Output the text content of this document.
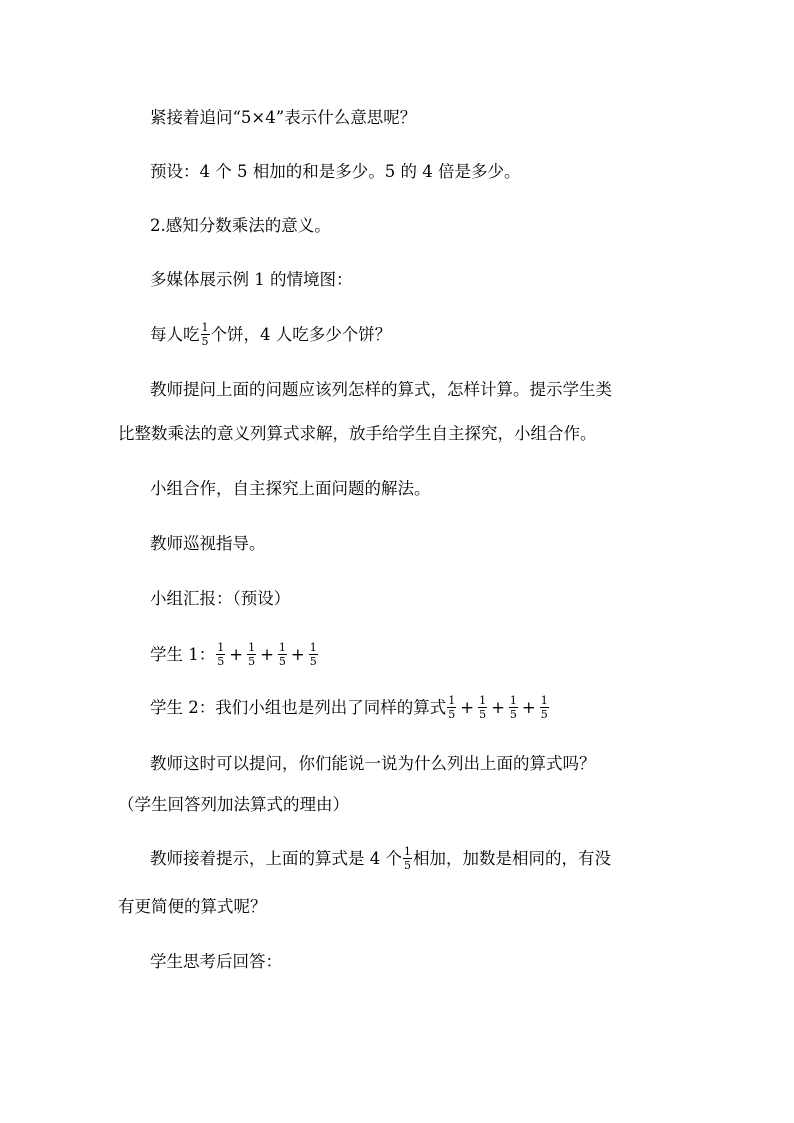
紧接着追问“5×4”表示什么意思呢？
预设：4 个 5 相加的和是多少。5 的 4 倍是多少。
2.感知分数乘法的意义。
多媒体展示例 1 的情境图：
每人吃 $\frac{1}{5}$ 个饼，4 人吃多少个饼？
教师提问上面的问题应该列怎样的算式，怎样计算。提示学生类
比整数乘法的意义列算式求解，放手给学生自主探究，小组合作。
小组合作，自主探究上面问题的解法。
教师巡视指导。
小组汇报：（预设）
学生 1： $\frac{1}{5} + \frac{1}{5} + \frac{1}{5} + \frac{1}{5}$
学生 2：我们小组也是列出了同样的算式 $\frac{1}{5} + \frac{1}{5} + \frac{1}{5} + \frac{1}{5}$
教师这时可以提问，你们能说一说为什么列出上面的算式吗？
（学生回答列加法算式的理由）
教师接着提示，上面的算式是 4 个 $\frac{1}{5}$ 相加，加数是相同的，有没
有更简便的算式呢？
学生思考后回答：
